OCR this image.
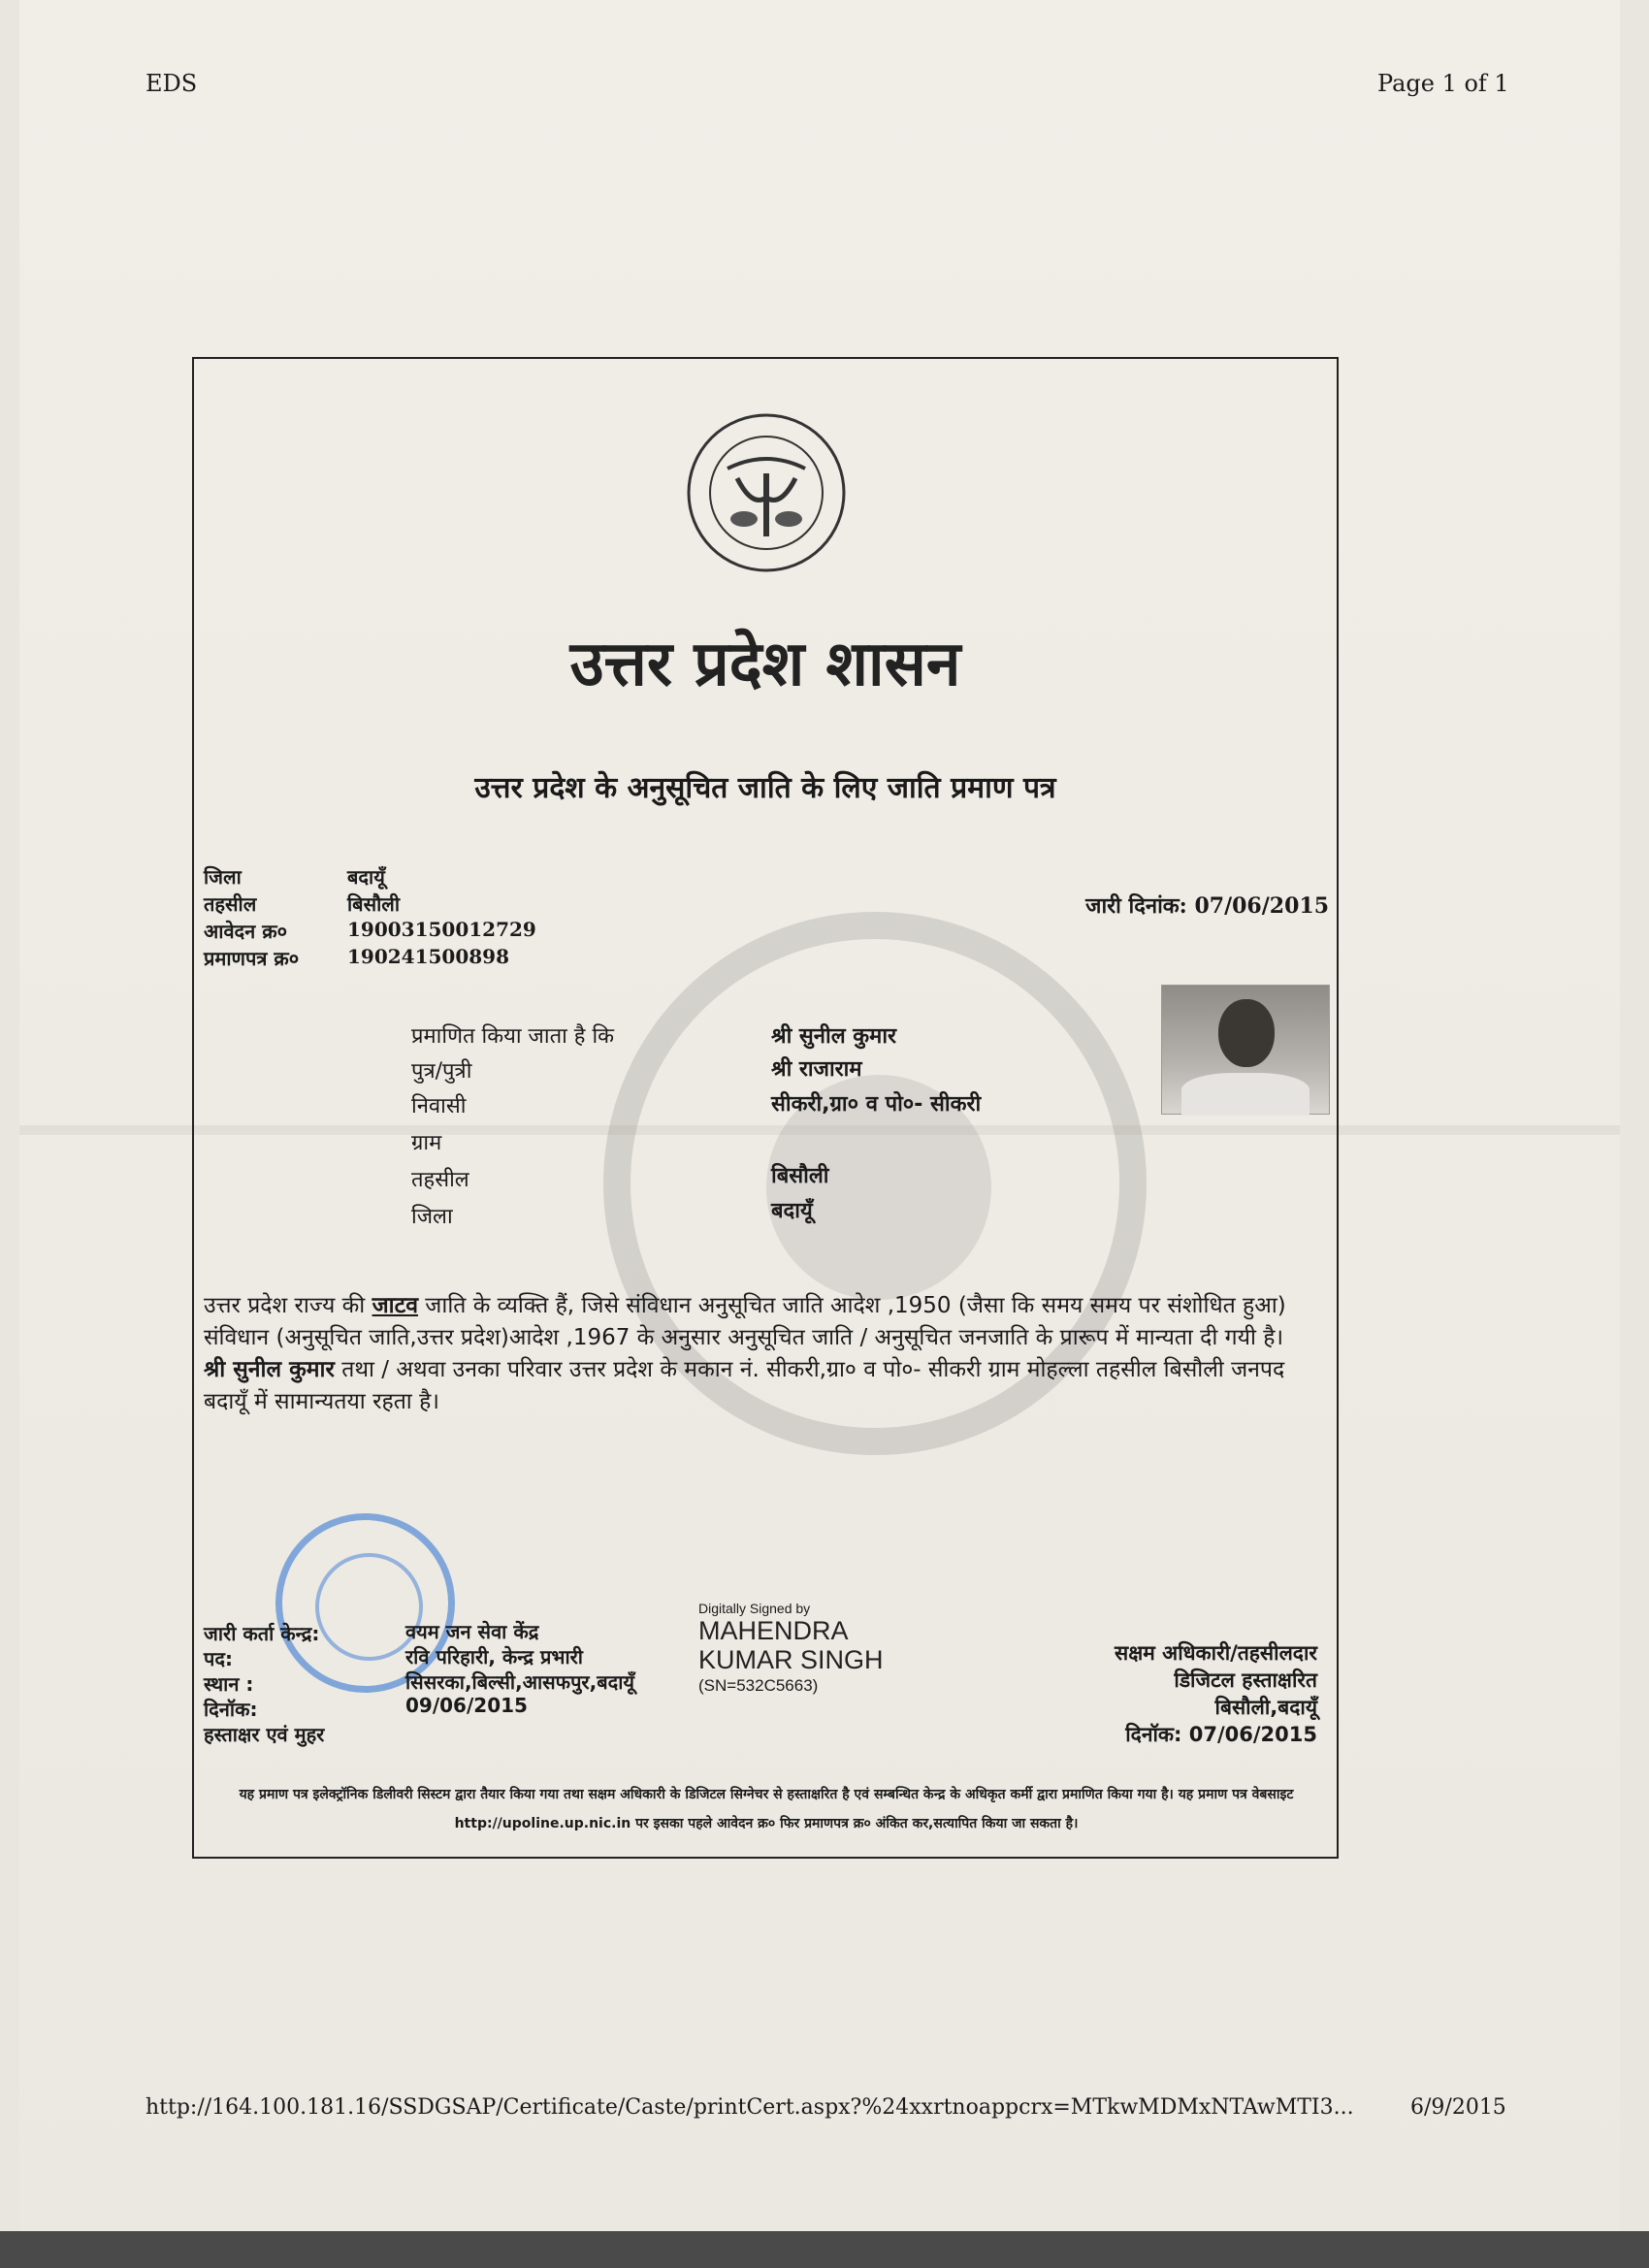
EDS	Page 1 of 1
उत्तर प्रदेश शासन
उत्तर प्रदेश के अनुसूचित जाति के लिए जाति प्रमाण पत्र
जिला	बदायूँ
तहसील	बिसौली
आवेदन क्र०	19003150012729
प्रमाणपत्र क्र० 190241500898
जारी दिनांक: 07/06/2015
प्रमाणित किया जाता है कि	श्री सुनील कुमार
पुत्र/पुत्री	श्री राजाराम
निवासी	सीकरी,ग्रा० व पो०- सीकरी
ग्राम
तहसील	बिसौली
जिला	बदायूँ

उत्तर प्रदेश राज्य की जाटव जाति के व्यक्ति हैं, जिसे संविधान अनुसूचित जाति आदेश ,1950 (जैसा कि समय समय पर संशोधित हुआ) संविधान (अनुसूचित जाति,उत्तर प्रदेश)आदेश ,1967 के अनुसार अनुसूचित जाति / अनुसूचित जनजाति के प्रारूप में मान्यता दी गयी है।

श्री सुनील कुमार तथा / अथवा उनका परिवार उत्तर प्रदेश के मकान नं. सीकरी,ग्रा० व पो०- सीकरी ग्राम मोहल्ला तहसील बिसौली जनपद बदायूँ में सामान्यतया रहता है।

जारी कर्ता केन्द्र:	वयम जन सेवा केंद्र
पद:	रवि परिहारी, केन्द्र प्रभारी
स्थान :	सिसरका,बिल्सी,आसफपुर,बदायूँ
दिनॉक:	09/06/2015
हस्ताक्षर एवं मुहर
Digitally Signed by
MAHENDRA
KUMAR SINGH
(SN=532C5663)
सक्षम अधिकारी/तहसीलदार
डिजिटल हस्ताक्षरित
बिसौली,बदायूँ
दिनॉक: 07/06/2015
यह प्रमाण पत्र इलेक्ट्रॉनिक डिलीवरी सिस्टम द्वारा तैयार किया गया तथा सक्षम अधिकारी के डिजिटल सिग्नेचर से हस्ताक्षरित है एवं सम्बन्धित केन्द्र के अधिकृत कर्मी द्वारा प्रमाणित किया गया है। यह प्रमाण पत्र वेबसाइट http://upoline.up.nic.in पर इसका पहले आवेदन क्र० फिर प्रमाणपत्र क्र० अंकित कर,सत्यापित किया जा सकता है।
http://164.100.181.16/SSDGSAP/Certificate/Caste/printCert.aspx?%24xxrtnoappcrx=MTkwMDMxNTAwMTI3...	6/9/2015
